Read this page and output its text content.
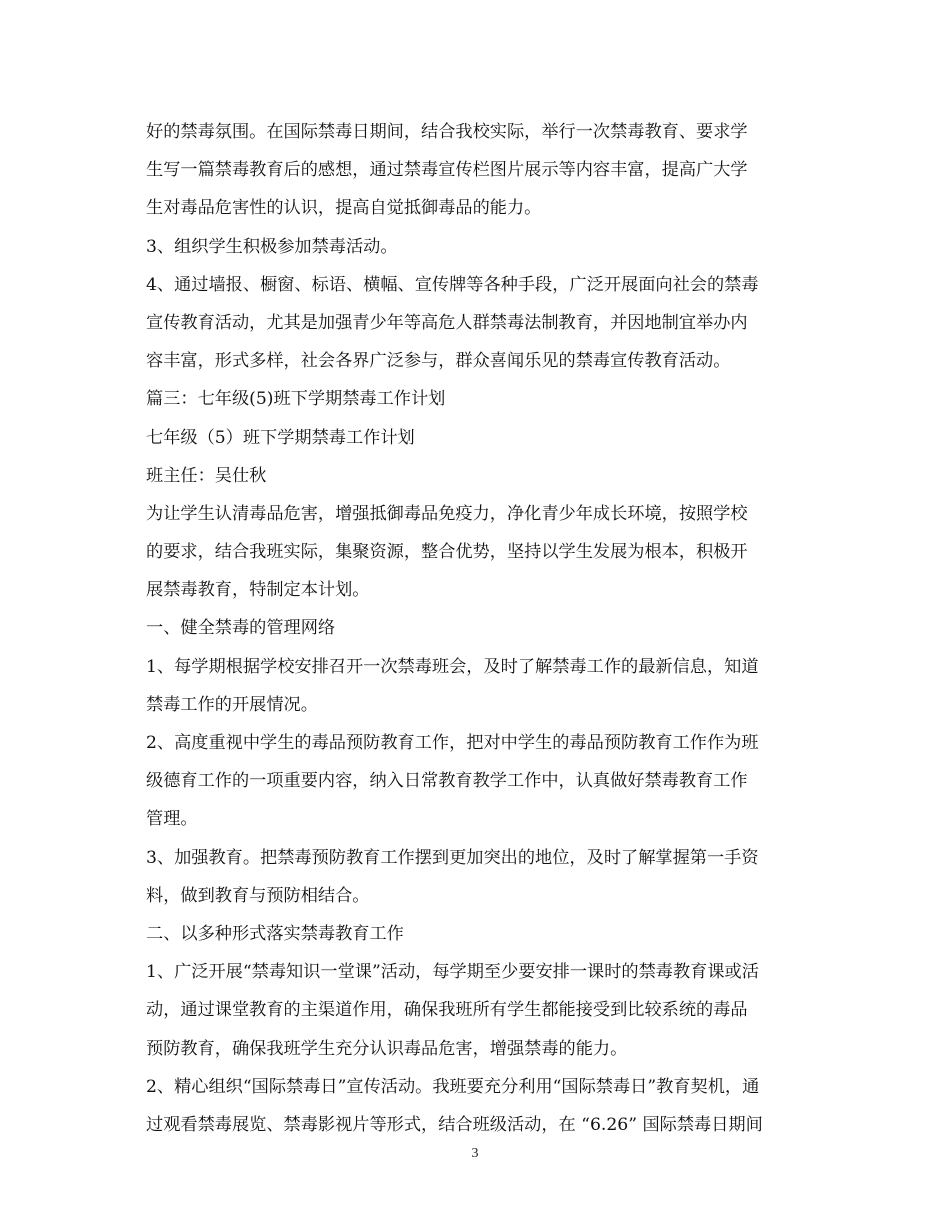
好的禁毒氛围。在国际禁毒日期间，结合我校实际，举行一次禁毒教育、要求学
生写一篇禁毒教育后的感想，通过禁毒宣传栏图片展示等内容丰富，提高广大学
生对毒品危害性的认识，提高自觉抵御毒品的能力。
3、组织学生积极参加禁毒活动。
4、通过墙报、橱窗、标语、横幅、宣传牌等各种手段，广泛开展面向社会的禁毒
宣传教育活动，尤其是加强青少年等高危人群禁毒法制教育，并因地制宜举办内
容丰富，形式多样，社会各界广泛参与，群众喜闻乐见的禁毒宣传教育活动。
篇三：七年级(5)班下学期禁毒工作计划
七年级（5）班下学期禁毒工作计划
班主任：吴仕秋
为让学生认清毒品危害，增强抵御毒品免疫力，净化青少年成长环境，按照学校
的要求，结合我班实际，集聚资源，整合优势，坚持以学生发展为根本，积极开
展禁毒教育，特制定本计划。
一、健全禁毒的管理网络
1、每学期根据学校安排召开一次禁毒班会，及时了解禁毒工作的最新信息，知道
禁毒工作的开展情况。
2、高度重视中学生的毒品预防教育工作，把对中学生的毒品预防教育工作作为班
级德育工作的一项重要内容，纳入日常教育教学工作中，认真做好禁毒教育工作
管理。
3、加强教育。把禁毒预防教育工作摆到更加突出的地位，及时了解掌握第一手资
料，做到教育与预防相结合。
二、以多种形式落实禁毒教育工作
1、广泛开展“禁毒知识一堂课”活动，每学期至少要安排一课时的禁毒教育课或活
动，通过课堂教育的主渠道作用，确保我班所有学生都能接受到比较系统的毒品
预防教育，确保我班学生充分认识毒品危害，增强禁毒的能力。
2、精心组织“国际禁毒日”宣传活动。我班要充分利用“国际禁毒日”教育契机，通
过观看禁毒展览、禁毒影视片等形式，结合班级活动，在 “6.26” 国际禁毒日期间
3
